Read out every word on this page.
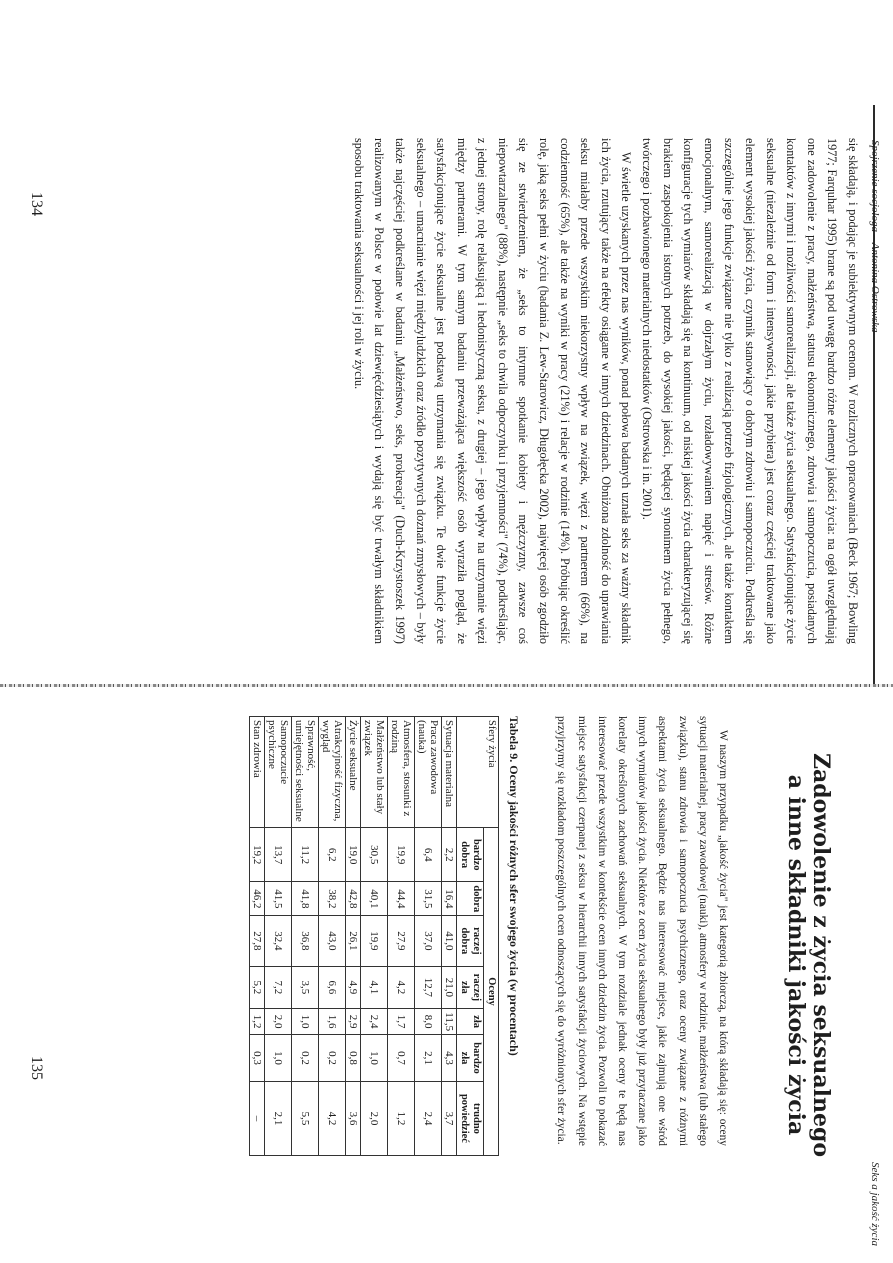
Spojrzenie socjologa – Antonina Ostrowska

się składają, i podając je subiektywnym ocenom. W rozlicznych opracowaniach (Beck 1967; Bowling 1977; Farquhar 1995) brane są pod uwagę bardzo różne elementy jakości życia: na ogół uwzględniają one zadowolenie z pracy, małżeństwa, statusu ekonomicznego, zdrowia i samopoczucia, posiadanych kontaktów z innymi i możliwości samorealizacji, ale także życia seksualnego. Satysfakcjonujące życie seksualne (niezależnie od form i intensywności, jakie przybiera) jest coraz częściej traktowane jako element wysokiej jakości życia, czynnik stanowiący o dobrym zdrowiu i samopoczuciu. Podkreśla się szczególnie jego funkcje związane nie tylko z realizacją potrzeb fizjologicznych, ale także kontaktem emocjonalnym, samorealizacją w dojrzałym życiu, rozładowywaniem napięć i stresów. Różne konfiguracje tych wymiarów składają się na kontinuum, od niskiej jakości życia charakteryzującej się brakiem zaspokojenia istotnych potrzeb, do wysokiej jakości, będącej synonimem życia pełnego, twórczego i pozbawionego materialnych niedostatków (Ostrowska i in. 2001).

W świetle uzyskanych przez nas wyników, ponad połowa badanych uznała seks za ważny składnik ich życia, rzutujący także na efekty osiągane w innych dziedzinach. Obniżona zdolność do uprawiania seksu miałaby przede wszystkim niekorzystny wpływ na związek, więzi z partnerem (66%), na codzienność (65%), ale także na wyniki w pracy (21%) i relacje w rodzinie (14%). Próbując określić rolę, jaką seks pełni w życiu (badania Z. Lew-Starowicz, Długołęcka 2002), najwięcej osób zgodziło się ze stwierdzeniem, że „seks to intymne spotkanie kobiety i mężczyzny, zawsze coś niepowtarzalnego" (88%), następnie „seks to chwila odpoczynku i przyjemności" (74%), podkreślając, z jednej strony, rolę relaksującą i hedonistyczną seksu, z drugiej – jego wpływ na utrzymanie więzi między partnerami. W tym samym badaniu przeważająca większość osób wyraziła pogląd, że satysfakcjonujące życie seksualne jest podstawą utrzymania się związku. Te dwie funkcje życie seksualnego – umacnianie więzi międzyludzkich oraz źródło pozytywnych doznań zmysłowych – były także najczęściej podkreślane w badaniu „Małżeństwo, seks, prokreacja" (Duch-Krzystoszek 1997) realizowanym w Polsce w połowie lat dziewięćdziesiątych i wydają się być trwałym składnikiem sposobu traktowania seksualności i jej roli w życiu.

134
Seks a jakość życia
Zadowolenie z życia seksualnego a inne składniki jakości życia

W naszym przypadku „jakość życia" jest kategorią zbiorczą, na którą składają się: oceny sytuacji materialnej, pracy zawodowej (nauki), atmosfery w rodzinie, małżeństwa (lub stałego związku), stanu zdrowia i samopoczucia psychicznego, oraz oceny związane z różnymi aspektami życia seksualnego. Będzie nas interesować miejsce, jakie zajmują one wśród innych wymiarów jakości życia. Niektóre z ocen życia seksualnego były już przytaczane jako korelaty określonych zachowań seksualnych. W tym rozdziale jednak oceny te będą nas interesować przede wszystkim w kontekście ocen innych dziedzin życia. Pozwoli to pokazać miejsce satysfakcji czerpanej z seksu w hierarchii innych satysfakcji życiowych. Na wstępie przyjrzymy się rozkładom poszczególnych ocen odnoszących się do wyróżnionych sfer życia.

Tabela 9. Oceny jakości różnych sfer swojego życia (w procentach)
Sfery życia	Oceny						
	bardzo dobra	dobra	raczej dobra	raczej zła	zła	bardzo zła	trudno powiedzieć
Sytuacja materialna	2,2	16,4	41,0	21,0	11,5	4,3	3,7
Praca zawodowa (nauka)	6,4	31,5	37,0	12,7	8,0	2,1	2,4
Atmosfera, stosunki z rodziną	19,9	44,4	27,9	4,2	1,7	0,7	1,2
Małżeństwo lub stały związek	30,5	40,1	19,9	4,1	2,4	1,0	2,0
Życie seksualne	19,0	42,8	26,1	4,9	2,9	0,8	3,6
Atrakcyjność fizyczna, wygląd	6,2	38,2	43,0	6,6	1,6	0,2	4,2
Sprawność, umiejętności seksualne	11,2	41,8	36,8	3,5	1,0	0,2	5,5
Samopoczucie psychiczne	13,7	41,5	32,4	7,2	2,0	1,0	2,1
Stan zdrowia	19,2	46,2	27,8	5,2	1,2	0,3	–
135
